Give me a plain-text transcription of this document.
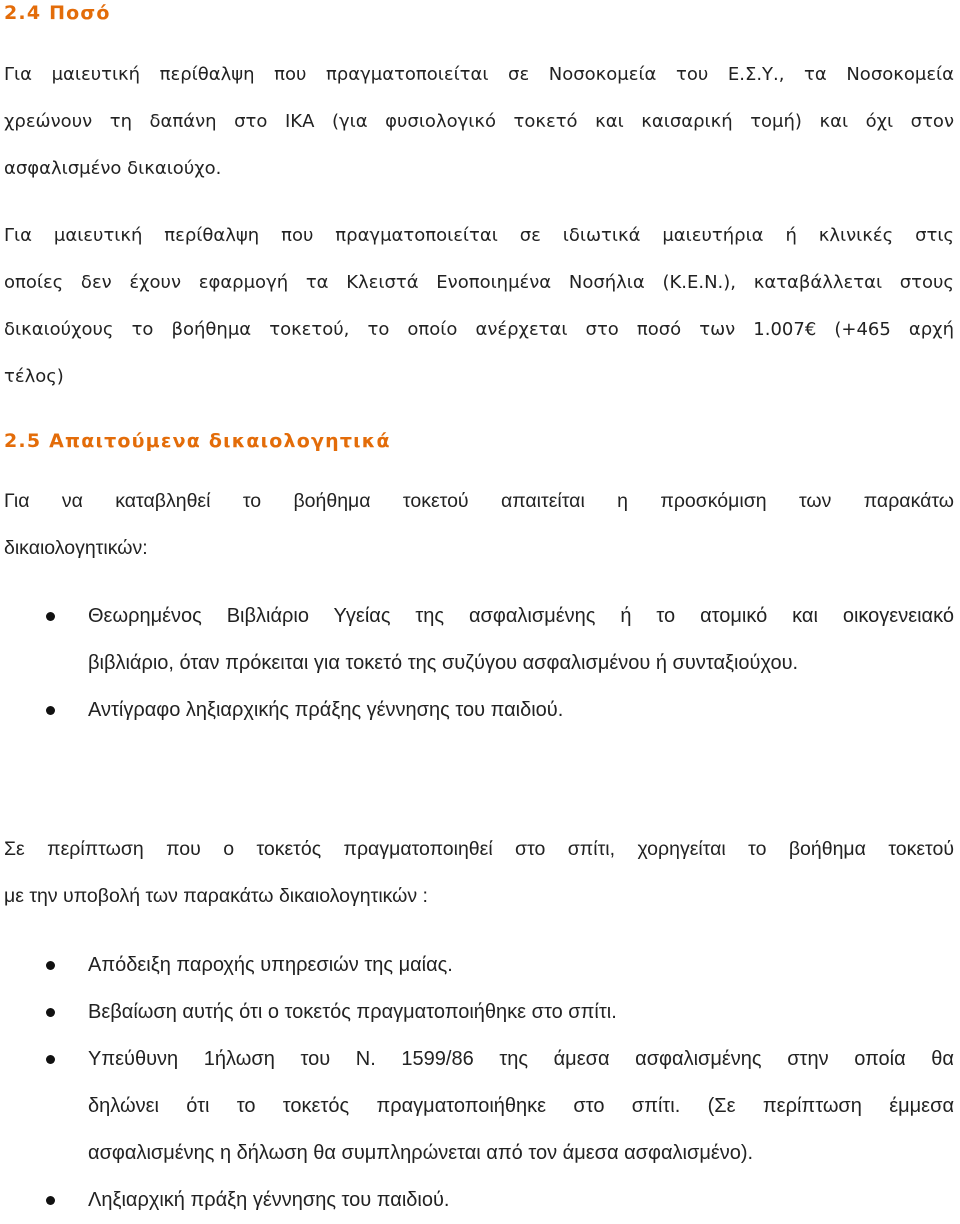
2.4 Ποσό

Για μαιευτική περίθαλψη που πραγματοποιείται σε Νοσοκομεία του Ε.Σ.Υ., τα Νοσοκομεία
χρεώνουν τη δαπάνη στο ΙΚΑ (για φυσιολογικό τοκετό και καισαρική τομή) και όχι στον
ασφαλισμένο δικαιούχο.

Για μαιευτική περίθαλψη που πραγματοποιείται σε ιδιωτικά μαιευτήρια ή κλινικές στις
οποίες δεν έχουν εφαρμογή τα Κλειστά Ενοποιημένα Νοσήλια (Κ.Ε.Ν.), καταβάλλεται στους
δικαιούχους το βοήθημα τοκετού, το οποίο ανέρχεται στο ποσό των 1.007€ (+465 αρχή
τέλος)

2.5 Απαιτούμενα δικαιολογητικά

Για να καταβληθεί το βοήθημα τοκετού απαιτείται η προσκόμιση των παρακάτω
δικαιολογητικών:

Θεωρημένος Βιβλιάριο Υγείας της ασφαλισμένης ή το ατομικό και οικογενειακό
βιβλιάριο, όταν πρόκειται για τοκετό της συζύγου ασφαλισμένου ή συνταξιούχου.
Αντίγραφο ληξιαρχικής πράξης γέννησης του παιδιού.

Σε περίπτωση που ο τοκετός πραγματοποιηθεί στο σπίτι, χορηγείται το βοήθημα τοκετού
με την υποβολή των παρακάτω δικαιολογητικών :

Απόδειξη παροχής υπηρεσιών της μαίας.
Βεβαίωση αυτής ότι ο τοκετός πραγματοποιήθηκε στο σπίτι.
Υπεύθυνη 1ήλωση του Ν. 1599/86 της άμεσα ασφαλισμένης στην οποία θα
δηλώνει ότι το τοκετός πραγματοποιήθηκε στο σπίτι. (Σε περίπτωση έμμεσα
ασφαλισμένης η δήλωση θα συμπληρώνεται από τον άμεσα ασφαλισμένο).
Ληξιαρχική πράξη γέννησης του παιδιού.
